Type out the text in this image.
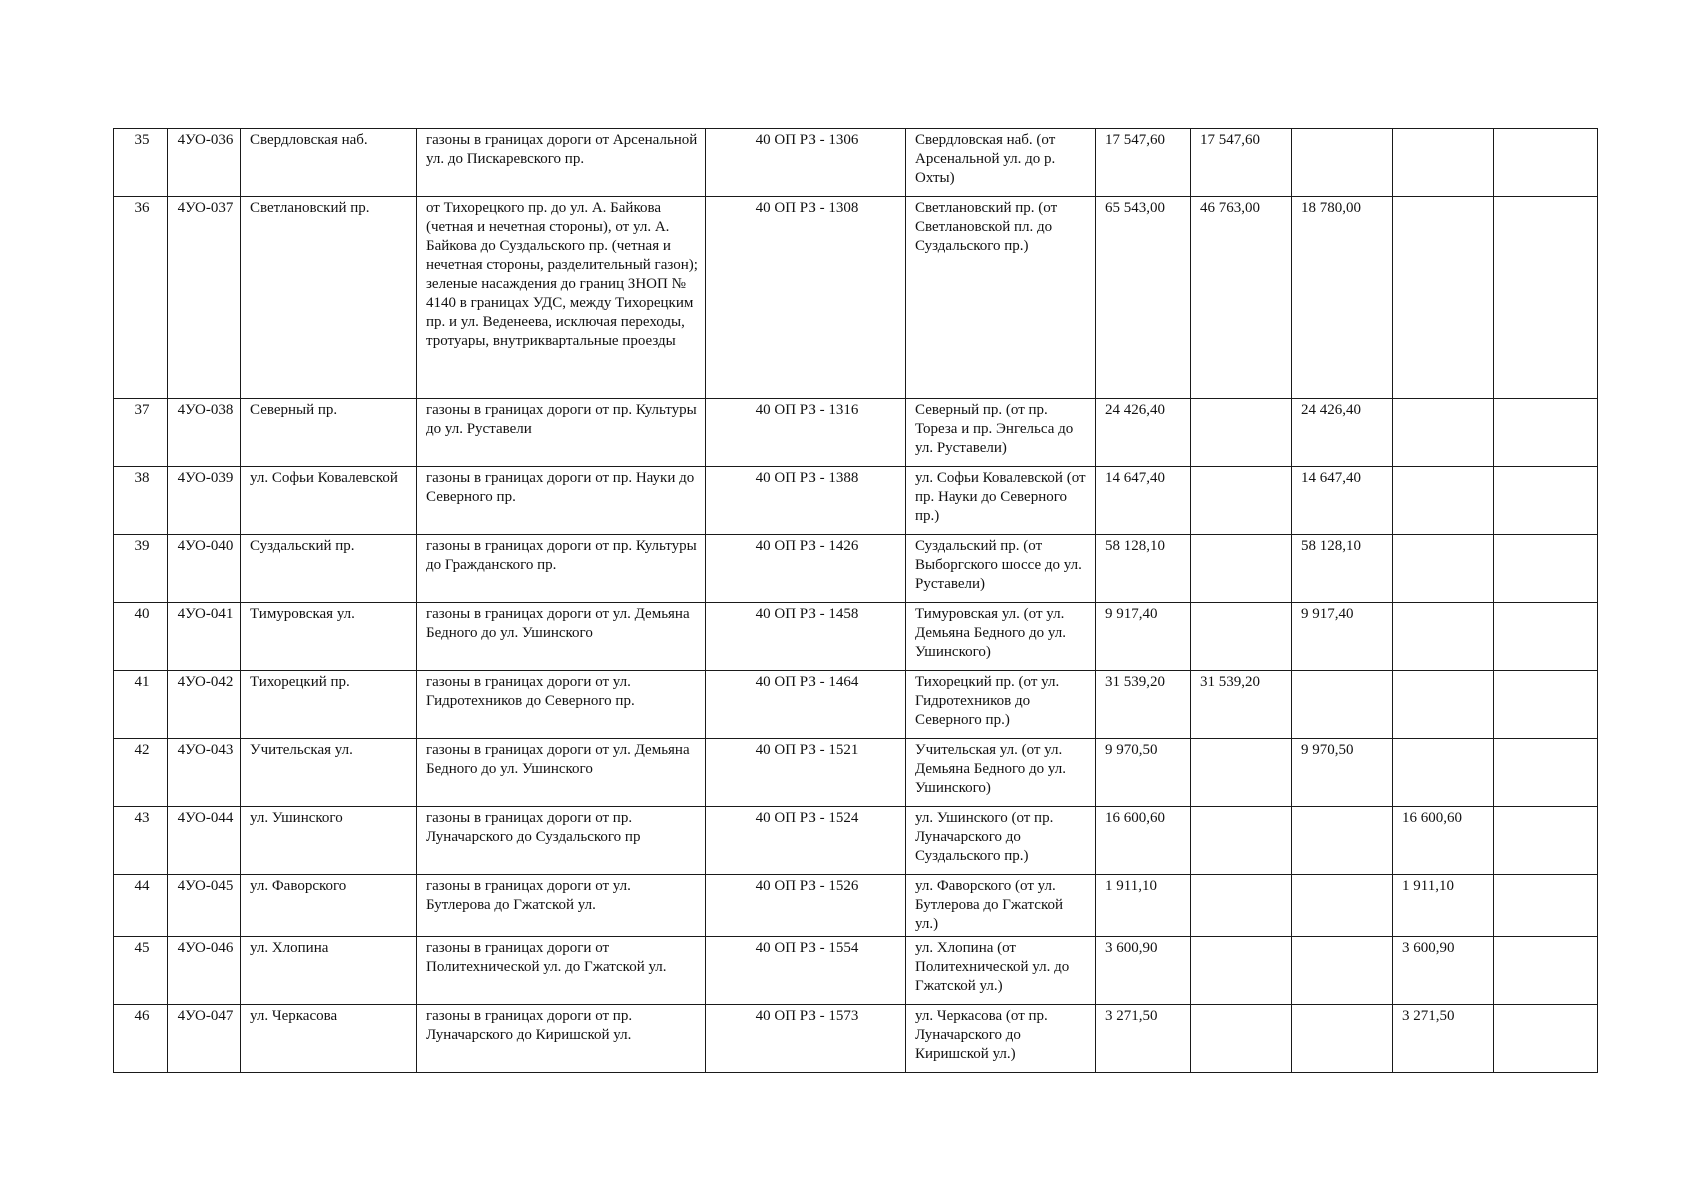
35	4УО-036	Свердловская наб.	газоны в границах дороги от Арсенальной ул. до Пискаревского пр.	40 ОП РЗ - 1306	Свердловская наб. (от Арсенальной ул. до р. Охты)	17 547,60	17 547,60			
36	4УО-037	Светлановский пр.	от Тихорецкого пр. до ул. А. Байкова (четная и нечетная стороны), от ул. А. Байкова до Суздальского пр. (четная и нечетная стороны, разделительный газон); зеленые насаждения до границ ЗНОП № 4140 в границах УДС, между Тихорецким пр. и ул. Веденеева, исключая переходы, тротуары, внутриквартальные проезды	40 ОП РЗ - 1308	Светлановский пр. (от Светлановской пл. до Суздальского пр.)	65 543,00	46 763,00	18 780,00		
37	4УО-038	Северный пр.	газоны в границах дороги от пр. Культуры до ул. Руставели	40 ОП РЗ - 1316	Северный пр. (от пр. Тореза и пр. Энгельса до ул. Руставели)	24 426,40		24 426,40		
38	4УО-039	ул. Софьи Ковалевской	газоны в границах дороги от пр. Науки до Северного пр.	40 ОП РЗ - 1388	ул. Софьи Ковалевской (от пр. Науки до Северного пр.)	14 647,40		14 647,40		
39	4УО-040	Суздальский пр.	газоны в границах дороги от пр. Культуры до Гражданского пр.	40 ОП РЗ - 1426	Суздальский пр. (от Выборгского шоссе до ул. Руставели)	58 128,10		58 128,10		
40	4УО-041	Тимуровская ул.	газоны в границах дороги от ул. Демьяна Бедного до ул. Ушинского	40 ОП РЗ - 1458	Тимуровская ул. (от ул. Демьяна Бедного до ул. Ушинского)	9 917,40		9 917,40		
41	4УО-042	Тихорецкий пр.	газоны в границах дороги от ул. Гидротехников до Северного пр.	40 ОП РЗ - 1464	Тихорецкий пр. (от ул. Гидротехников до Северного пр.)	31 539,20	31 539,20			
42	4УО-043	Учительская ул.	газоны в границах дороги от ул. Демьяна Бедного до ул. Ушинского	40 ОП РЗ - 1521	Учительская ул. (от ул. Демьяна Бедного до ул. Ушинского)	9 970,50		9 970,50		
43	4УО-044	ул. Ушинского	газоны в границах дороги от пр. Луначарского до Суздальского пр	40 ОП РЗ - 1524	ул. Ушинского (от пр. Луначарского до Суздальского пр.)	16 600,60			16 600,60	
44	4УО-045	ул. Фаворского	газоны в границах дороги от ул. Бутлерова до Гжатской ул.	40 ОП РЗ - 1526	ул. Фаворского (от ул. Бутлерова до Гжатской ул.)	1 911,10			1 911,10	
45	4УО-046	ул. Хлопина	газоны в границах дороги от Политехнической ул. до Гжатской ул.	40 ОП РЗ - 1554	ул. Хлопина (от Политехнической ул. до Гжатской ул.)	3 600,90			3 600,90	
46	4УО-047	ул. Черкасова	газоны в границах дороги от пр. Луначарского до Киришской ул.	40 ОП РЗ - 1573	ул. Черкасова (от пр. Луначарского до Киришской ул.)	3 271,50			3 271,50	
